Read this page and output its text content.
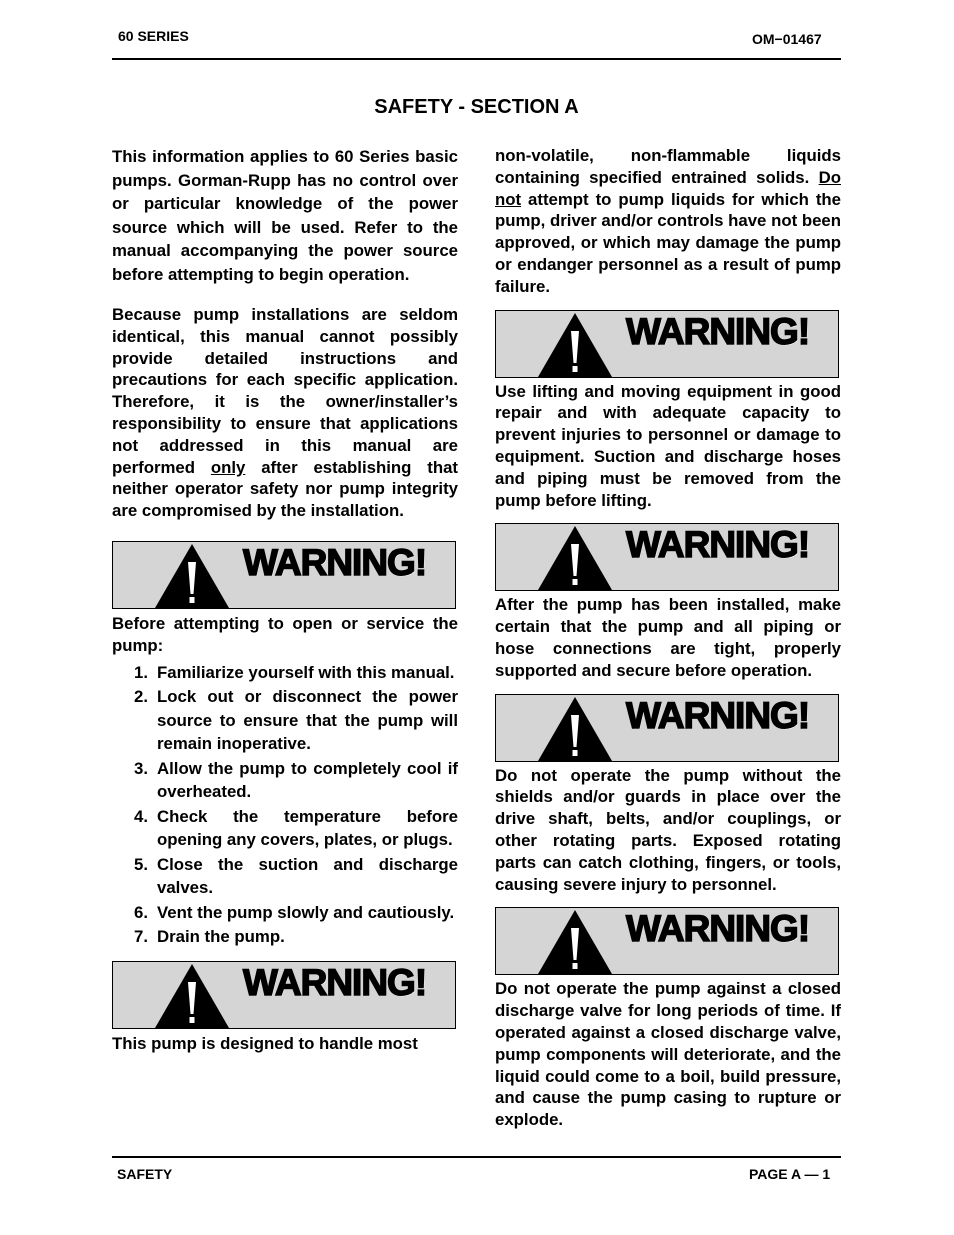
60 SERIES	OM−01467
SAFETY - SECTION A

This information applies to 60 Series basic pumps. Gorman-Rupp has no control over or particular knowledge of the power source which will be used. Refer to the manual accompanying the power source before attempting to begin operation.

Because pump installations are seldom identical, this manual cannot possibly provide detailed instructions and precautions for each specific application. Therefore, it is the owner/installer’s responsibility to ensure that applications not addressed in this manual are performed only after establishing that neither operator safety nor pump integrity are compromised by the installation.

WARNING!

Before attempting to open or service the pump:

1. Familiarize yourself with this manual.
2. Lock out or disconnect the power source to ensure that the pump will remain inoperative.
3. Allow the pump to completely cool if overheated.
4. Check the temperature before opening any covers, plates, or plugs.
5. Close the suction and discharge valves.
6. Vent the pump slowly and cautiously.
7. Drain the pump.
WARNING!

This pump is designed to handle most

non-volatile, non-flammable liquids containing specified entrained solids. Do not attempt to pump liquids for which the pump, driver and/or controls have not been approved, or which may damage the pump or endanger personnel as a result of pump failure.

WARNING!

Use lifting and moving equipment in good repair and with adequate capacity to prevent injuries to personnel or damage to equipment. Suction and discharge hoses and piping must be removed from the pump before lifting.

WARNING!

After the pump has been installed, make certain that the pump and all piping or hose connections are tight, properly supported and secure before operation.

WARNING!

Do not operate the pump without the shields and/or guards in place over the drive shaft, belts, and/or couplings, or other rotating parts. Exposed rotating parts can catch clothing, fingers, or tools, causing severe injury to personnel.

WARNING!

Do not operate the pump against a closed discharge valve for long periods of time. If operated against a closed discharge valve, pump components will deteriorate, and the liquid could come to a boil, build pressure, and cause the pump casing to rupture or explode.

SAFETY	PAGE A — 1
